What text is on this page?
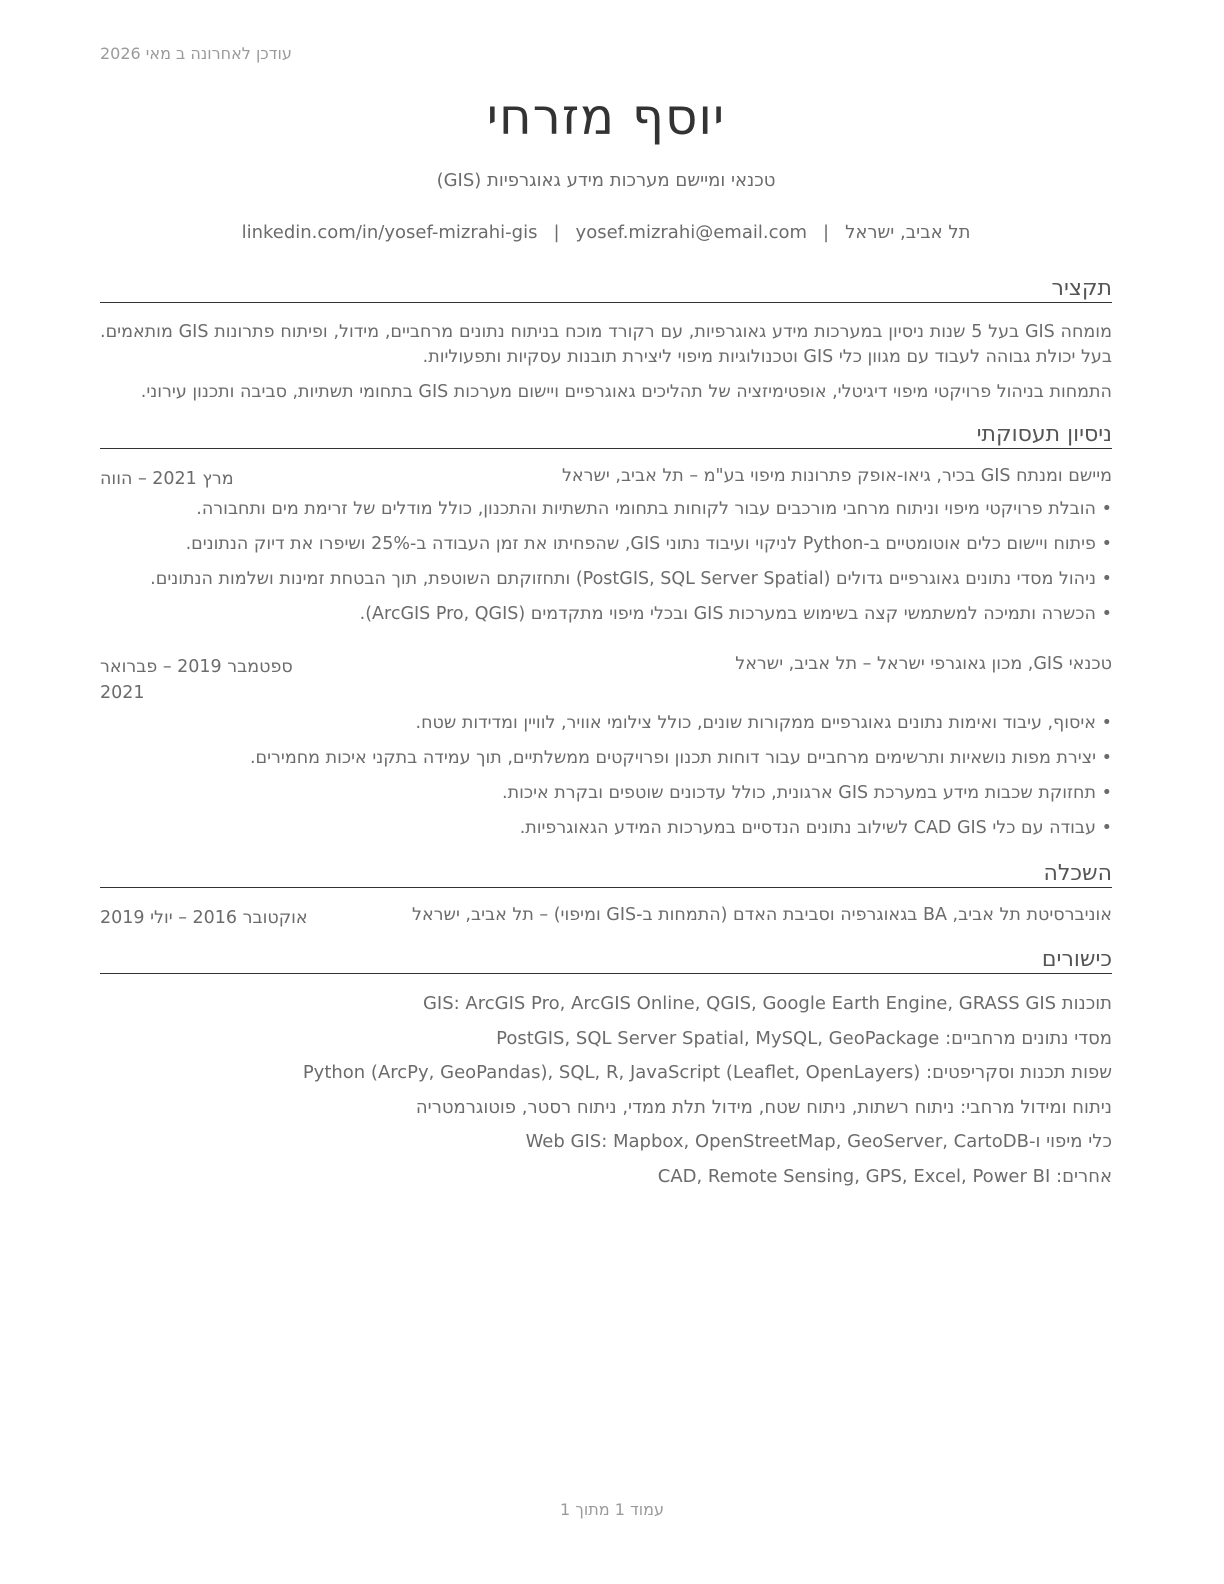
עודכן לאחרונה ב מאי 2026
יוסף מזרחי
טכנאי ומיישם מערכות מידע גאוגרפיות (GIS)
תל אביב, ישראל|yosef.mizrahi@email.com|linkedin.com/in/yosef-mizrahi-gis
תקציר
מומחה GIS בעל 5 שנות ניסיון במערכות מידע גאוגרפיות, עם רקורד מוכח בניתוח נתונים מרחביים, מידול, ופיתוח פתרונות GIS מותאמים. בעל יכולת גבוהה לעבוד עם מגוון כלי GIS וטכנולוגיות מיפוי ליצירת תובנות עסקיות ותפעוליות.
התמחות בניהול פרויקטי מיפוי דיגיטלי, אופטימיזציה של תהליכים גאוגרפיים ויישום מערכות GIS בתחומי תשתיות, סביבה ותכנון עירוני.
ניסיון תעסוקתי
מיישם ומנתח GIS בכיר, גיאו-אופק פתרונות מיפוי בע"מ – תל אביב, ישראל
מרץ 2021 – הווה
•
הובלת פרויקטי מיפוי וניתוח מרחבי מורכבים עבור לקוחות בתחומי התשתיות והתכנון, כולל מודלים של זרימת מים ותחבורה.
•
פיתוח ויישום כלים אוטומטיים ב-Python לניקוי ועיבוד נתוני GIS, שהפחיתו את זמן העבודה ב-25% ושיפרו את דיוק הנתונים.
•
ניהול מסדי נתונים גאוגרפיים גדולים (PostGIS, SQL Server Spatial) ותחזוקתם השוטפת, תוך הבטחת זמינות ושלמות הנתונים.
•
הכשרה ותמיכה למשתמשי קצה בשימוש במערכות GIS ובכלי מיפוי מתקדמים (ArcGIS Pro, QGIS).
טכנאי GIS, מכון גאוגרפי ישראל – תל אביב, ישראל
ספטמבר 2019 – פברואר 2021
•
איסוף, עיבוד ואימות נתונים גאוגרפיים ממקורות שונים, כולל צילומי אוויר, לוויין ומדידות שטח.
•
יצירת מפות נושאיות ותרשימים מרחביים עבור דוחות תכנון ופרויקטים ממשלתיים, תוך עמידה בתקני איכות מחמירים.
•
תחזוקת שכבות מידע במערכת GIS ארגונית, כולל עדכונים שוטפים ובקרת איכות.
•
עבודה עם כלי CAD GIS לשילוב נתונים הנדסיים במערכות המידע הגאוגרפיות.
השכלה
אוניברסיטת תל אביב, BA בגאוגרפיה וסביבת האדם (התמחות ב-GIS ומיפוי) – תל אביב, ישראל
אוקטובר 2016 – יולי 2019
כישורים
תוכנות GIS: ArcGIS Pro, ArcGIS Online, QGIS, Google Earth Engine, GRASS GIS
מסדי נתונים מרחביים: PostGIS, SQL Server Spatial, MySQL, GeoPackage
שפות תכנות וסקריפטים: Python (ArcPy, GeoPandas), SQL, R, JavaScript (Leaflet, OpenLayers)
ניתוח ומידול מרחבי: ניתוח רשתות, ניתוח שטח, מידול תלת ממדי, ניתוח רסטר, פוטוגרמטריה
כלי מיפוי ו-Web GIS: Mapbox, OpenStreetMap, GeoServer, CartoDB
אחרים: CAD, Remote Sensing, GPS, Excel, Power BI
עמוד 1 מתוך 1
